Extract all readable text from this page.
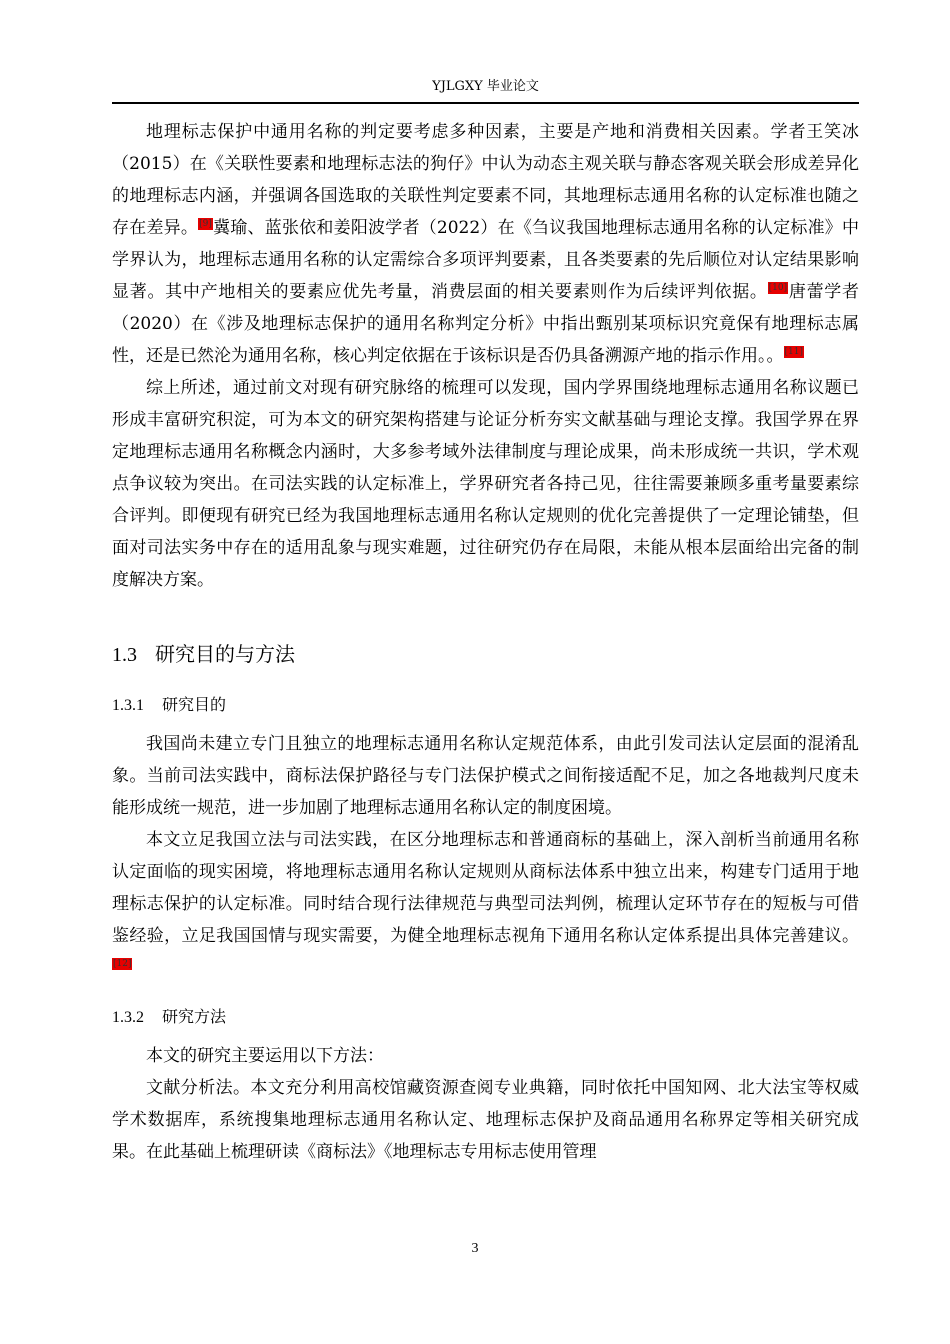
YJLGXY 毕业论文

地理标志保护中通用名称的判定要考虑多种因素，主要是产地和消费相关因素。学者王笑冰（2015）在《关联性要素和地理标志法的狗仔》中认为动态主观关联与静态客观关联会形成差异化的地理标志内涵，并强调各国选取的关联性判定要素不同，其地理标志通用名称的认定标准也随之存在差异。[9]冀瑜、蓝张依和姜阳波学者（2022）在《刍议我国地理标志通用名称的认定标准》中学界认为，地理标志通用名称的认定需综合多项评判要素，且各类要素的先后顺位对认定结果影响显著。其中产地相关的要素应优先考量，消费层面的相关要素则作为后续评判依据。[10]唐蕾学者（2020）在《涉及地理标志保护的通用名称判定分析》中指出甄别某项标识究竟保有地理标志属性，还是已然沦为通用名称，核心判定依据在于该标识是否仍具备溯源产地的指示作用。。[11]

综上所述，通过前文对现有研究脉络的梳理可以发现，国内学界围绕地理标志通用名称议题已形成丰富研究积淀，可为本文的研究架构搭建与论证分析夯实文献基础与理论支撑。我国学界在界定地理标志通用名称概念内涵时，大多参考域外法律制度与理论成果，尚未形成统一共识，学术观点争议较为突出。在司法实践的认定标准上，学界研究者各持己见，往往需要兼顾多重考量要素综合评判。即便现有研究已经为我国地理标志通用名称认定规则的优化完善提供了一定理论铺垫，但面对司法实务中存在的适用乱象与现实难题，过往研究仍存在局限，未能从根本层面给出完备的制度解决方案。

1.3 研究目的与方法
1.3.1 研究目的

我国尚未建立专门且独立的地理标志通用名称认定规范体系，由此引发司法认定层面的混淆乱象。当前司法实践中，商标法保护路径与专门法保护模式之间衔接适配不足，加之各地裁判尺度未能形成统一规范，进一步加剧了地理标志通用名称认定的制度困境。

本文立足我国立法与司法实践，在区分地理标志和普通商标的基础上，深入剖析当前通用名称认定面临的现实困境，将地理标志通用名称认定规则从商标法体系中独立出来，构建专门适用于地理标志保护的认定标准。同时结合现行法律规范与典型司法判例，梳理认定环节存在的短板与可借鉴经验，立足我国国情与现实需要，为健全地理标志视角下通用名称认定体系提出具体完善建议。[12]

1.3.2 研究方法

本文的研究主要运用以下方法：

文献分析法。本文充分利用高校馆藏资源查阅专业典籍，同时依托中国知网、北大法宝等权威学术数据库，系统搜集地理标志通用名称认定、地理标志保护及商品通用名称界定等相关研究成果。在此基础上梳理研读《商标法》《地理标志专用标志使用管理

3
